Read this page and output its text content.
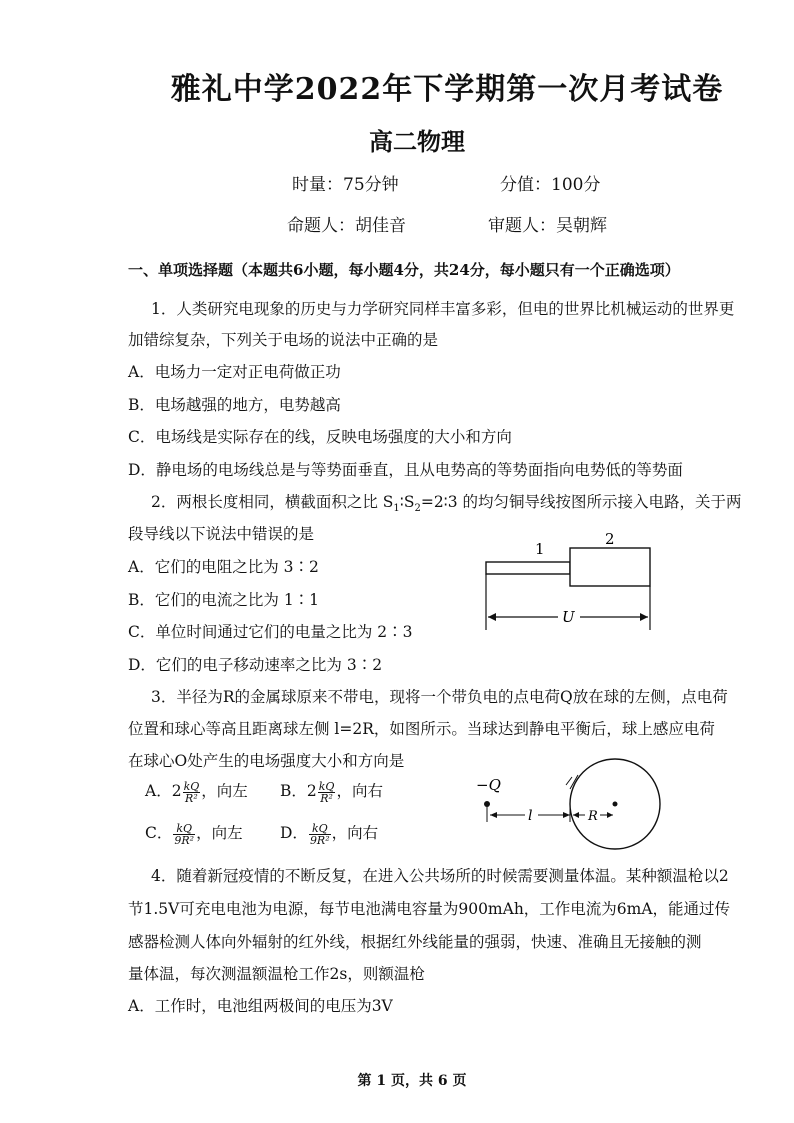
雅礼中学2022年下学期第一次月考试卷
高二物理
时量：75分钟	分值：100分
命题人：胡佳音	审题人：吴朝辉
一、单项选择题（本题共6小题，每小题4分，共24分，每小题只有一个正确选项）
1．人类研究电现象的历史与力学研究同样丰富多彩，但电的世界比机械运动的世界更
加错综复杂，下列关于电场的说法中正确的是
A．电场力一定对正电荷做正功
B．电场越强的地方，电势越高
C．电场线是实际存在的线，反映电场强度的大小和方向
D．静电场的电场线总是与等势面垂直，且从电势高的等势面指向电势低的等势面
2．两根长度相同，横截面积之比 $S_1∶S_2=2∶3$ 的均匀铜导线按图所示接入电路，关于两
段导线以下说法中错误的是
A．它们的电阻之比为 3∶2
B．它们的电流之比为 1∶1
C．单位时间通过它们的电量之比为 2∶3
D．它们的电子移动速率之比为 3∶2
1
2
U
3．半径为R的金属球原来不带电，现将一个带负电的点电荷Q放在球的左侧，点电荷
位置和球心等高且距离球左侧 l=2R，如图所示。当球达到静电平衡后，球上感应电荷
在球心O处产生的电场强度大小和方向是
A．$2 \frac{kQ}{\text{R²}}$ ，向左 B．$2 \frac{kQ}{\text{R²}}$ ，向右
C． $\frac{kQ}{\text{9R²}}$ ，向左 D． $\frac{kQ}{\text{9R²}}$ ，向右
−Q
l	R
4．随着新冠疫情的不断反复，在进入公共场所的时候需要测量体温。某种额温枪以2
节1.5V可充电电池为电源，每节电池满电容量为900mAh，工作电流为6mA，能通过传
感器检测人体向外辐射的红外线，根据红外线能量的强弱，快速、准确且无接触的测
量体温，每次测温额温枪工作2s，则额温枪
A．工作时，电池组两极间的电压为3V
第 1 页，共 6 页
